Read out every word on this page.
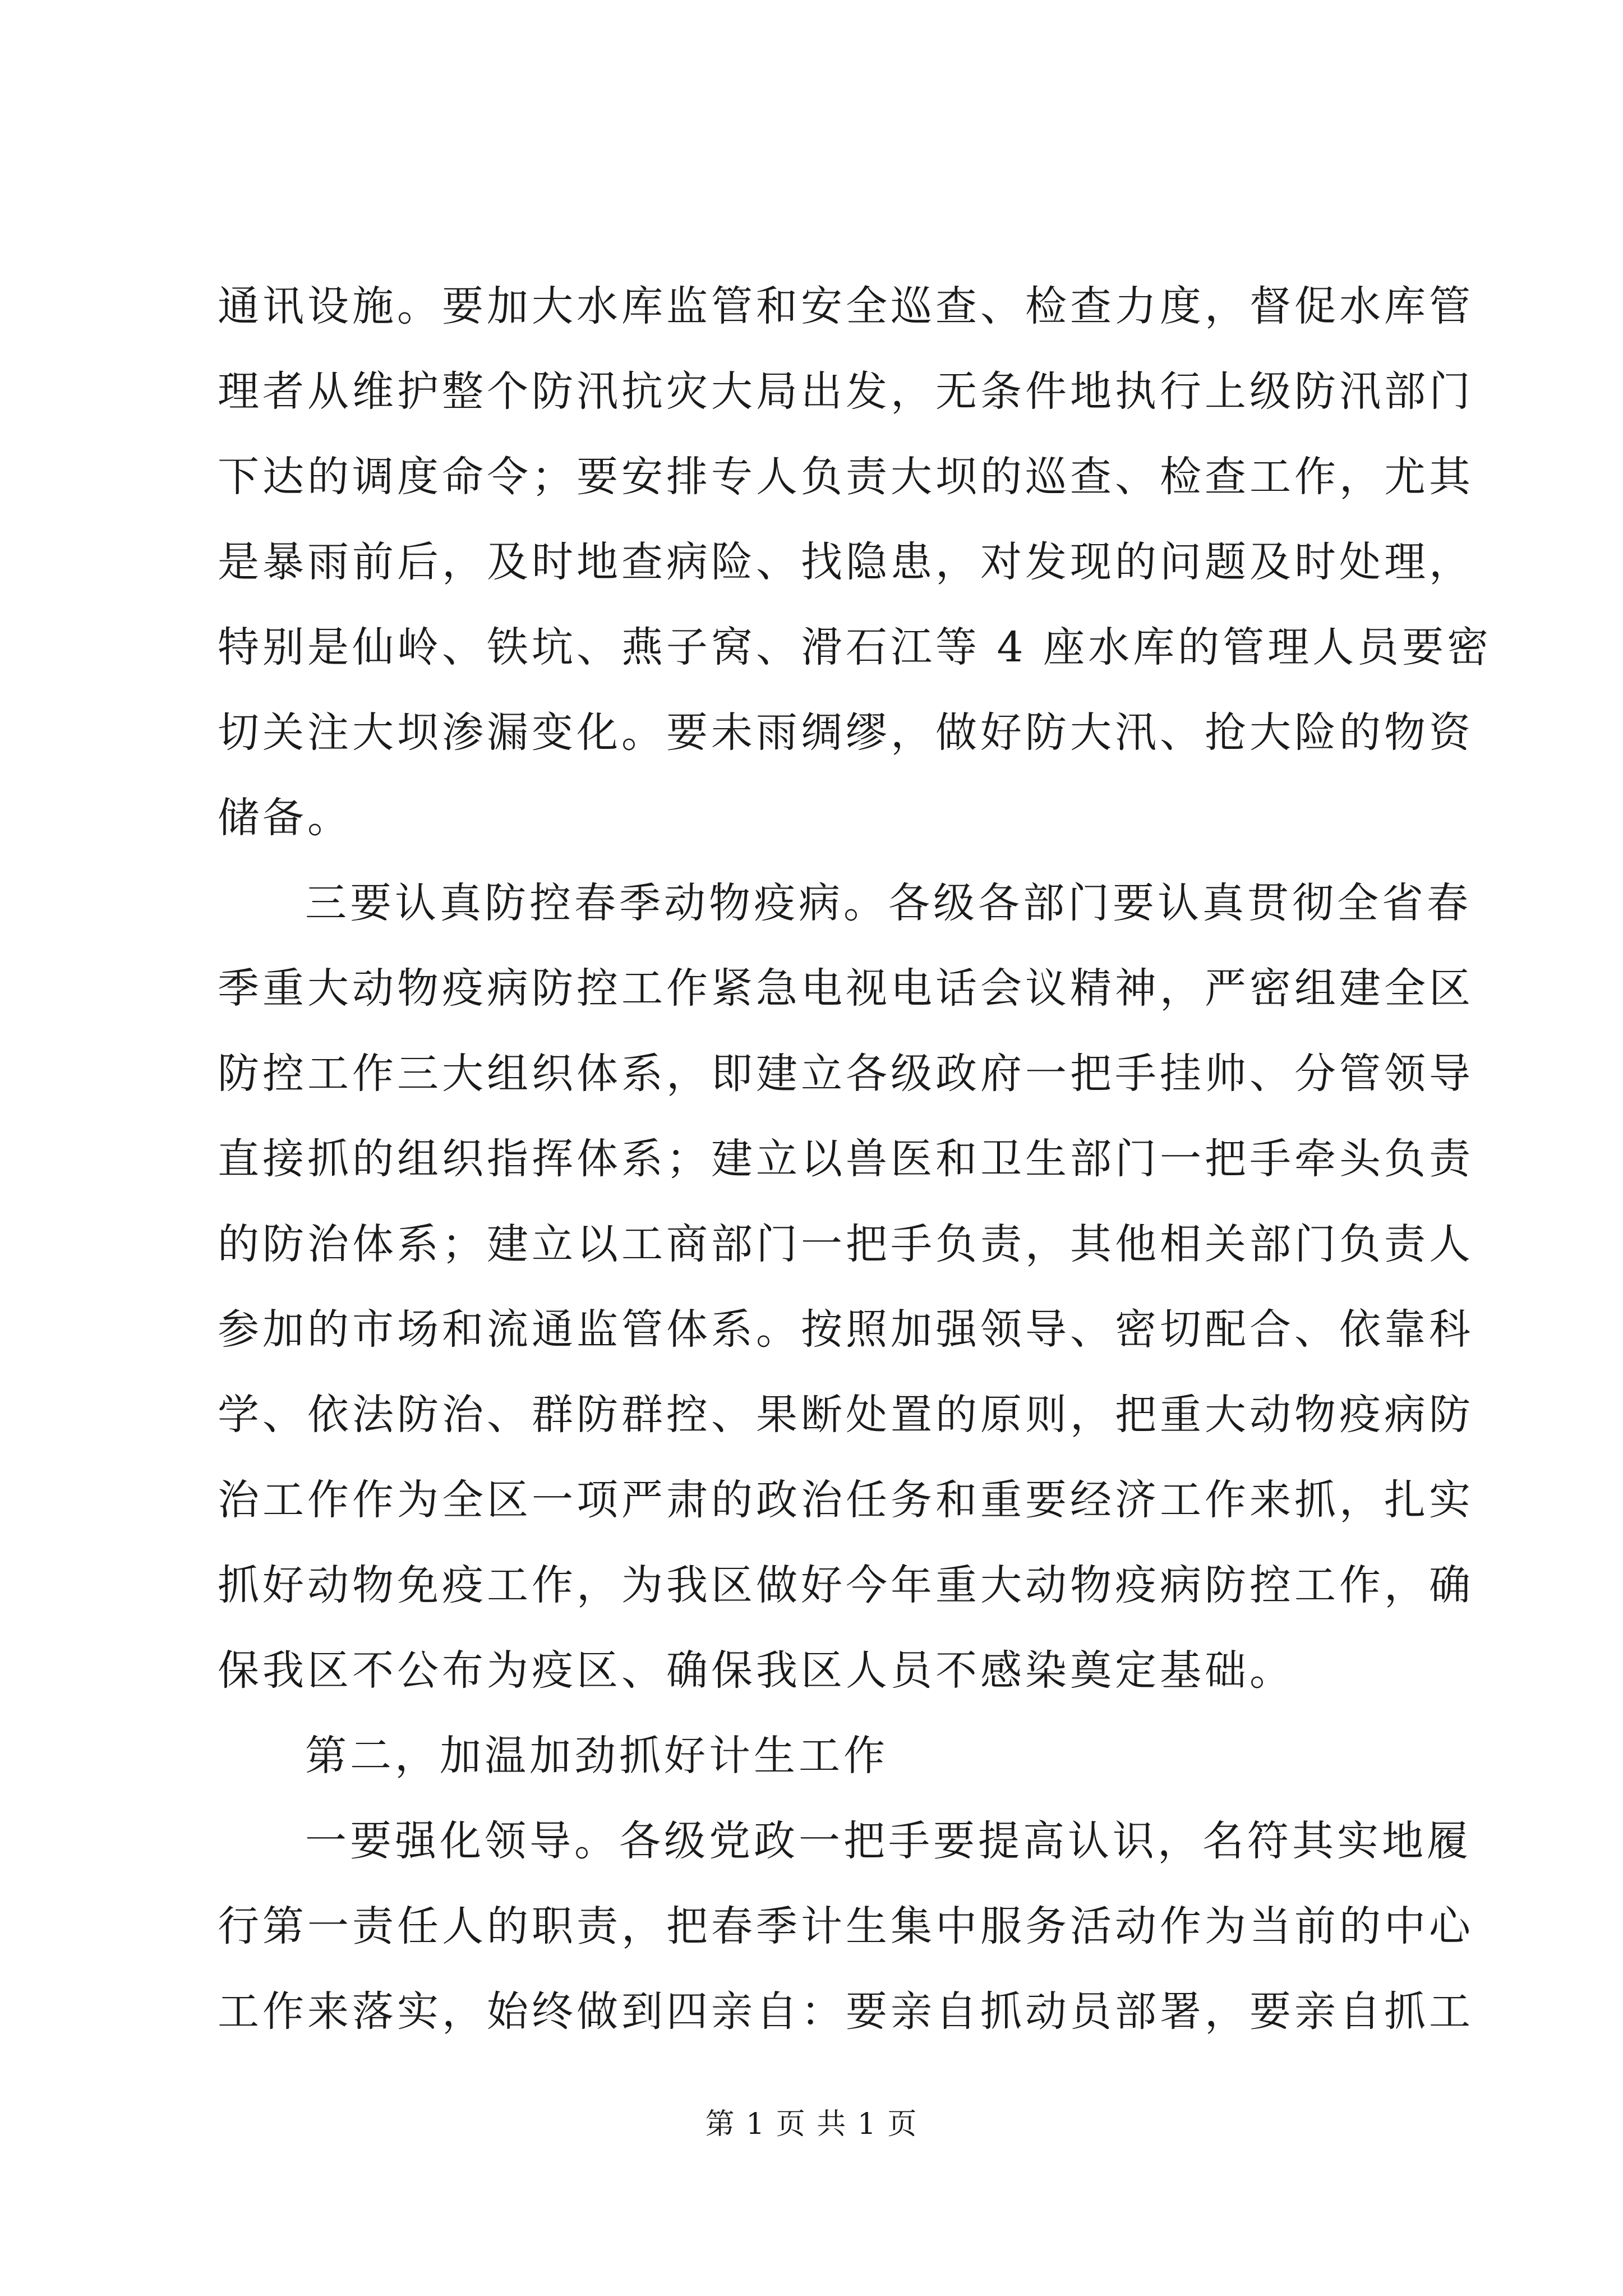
通讯设施。要加大水库监管和安全巡查、检查力度，督促水库管
理者从维护整个防汛抗灾大局出发，无条件地执行上级防汛部门
下达的调度命令；要安排专人负责大坝的巡查、检查工作，尤其
是暴雨前后，及时地查病险、找隐患，对发现的问题及时处理，
特别是仙岭、铁坑、燕子窝、滑石江等 4 座水库的管理人员要密
切关注大坝渗漏变化。要未雨绸缪，做好防大汛、抢大险的物资
储备。
三要认真防控春季动物疫病。各级各部门要认真贯彻全省春
季重大动物疫病防控工作紧急电视电话会议精神，严密组建全区
防控工作三大组织体系，即建立各级政府一把手挂帅、分管领导
直接抓的组织指挥体系；建立以兽医和卫生部门一把手牵头负责
的防治体系；建立以工商部门一把手负责，其他相关部门负责人
参加的市场和流通监管体系。按照加强领导、密切配合、依靠科
学、依法防治、群防群控、果断处置的原则，把重大动物疫病防
治工作作为全区一项严肃的政治任务和重要经济工作来抓，扎实
抓好动物免疫工作，为我区做好今年重大动物疫病防控工作，确
保我区不公布为疫区、确保我区人员不感染奠定基础。
第二，加温加劲抓好计生工作
一要强化领导。各级党政一把手要提高认识，名符其实地履
行第一责任人的职责，把春季计生集中服务活动作为当前的中心
工作来落实，始终做到四亲自：要亲自抓动员部署，要亲自抓工
第 1 页 共 1 页
